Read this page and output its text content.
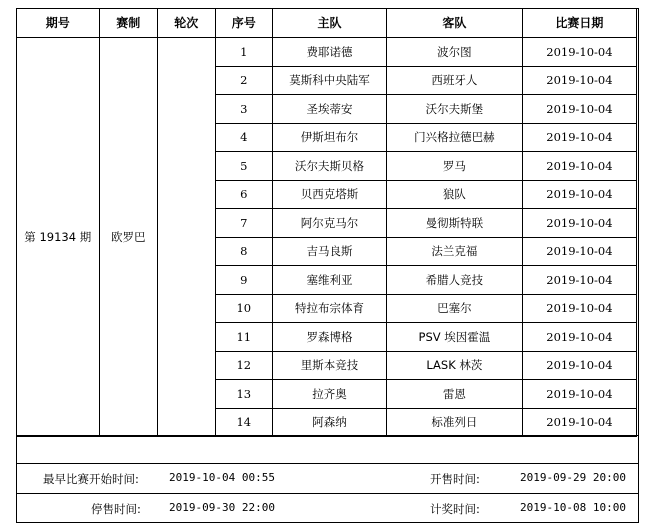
期号	赛制	轮次	序号	主队	客队	比赛日期
第 19134 期	欧罗巴		1	费耶诺德	波尔图	2019-10-04
			2	莫斯科中央陆军	西班牙人	2019-10-04
			3	圣埃蒂安	沃尔夫斯堡	2019-10-04
			4	伊斯坦布尔	门兴格拉德巴赫	2019-10-04
			5	沃尔夫斯贝格	罗马	2019-10-04
			6	贝西克塔斯	狼队	2019-10-04
			7	阿尔克马尔	曼彻斯特联	2019-10-04
			8	吉马良斯	法兰克福	2019-10-04
			9	塞维利亚	希腊人竞技	2019-10-04
			10	特拉布宗体育	巴塞尔	2019-10-04
			11	罗森博格	PSV 埃因霍温	2019-10-04
			12	里斯本竞技	LASK 林茨	2019-10-04
			13	拉齐奥	雷恩	2019-10-04
			14	阿森纳	标准列日	2019-10-04
最早比赛开始时间:	2019-10-04 00:55	开售时间:	2019-09-29 20:00
停售时间:	2019-09-30 22:00	计奖时间:	2019-10-08 10:00
